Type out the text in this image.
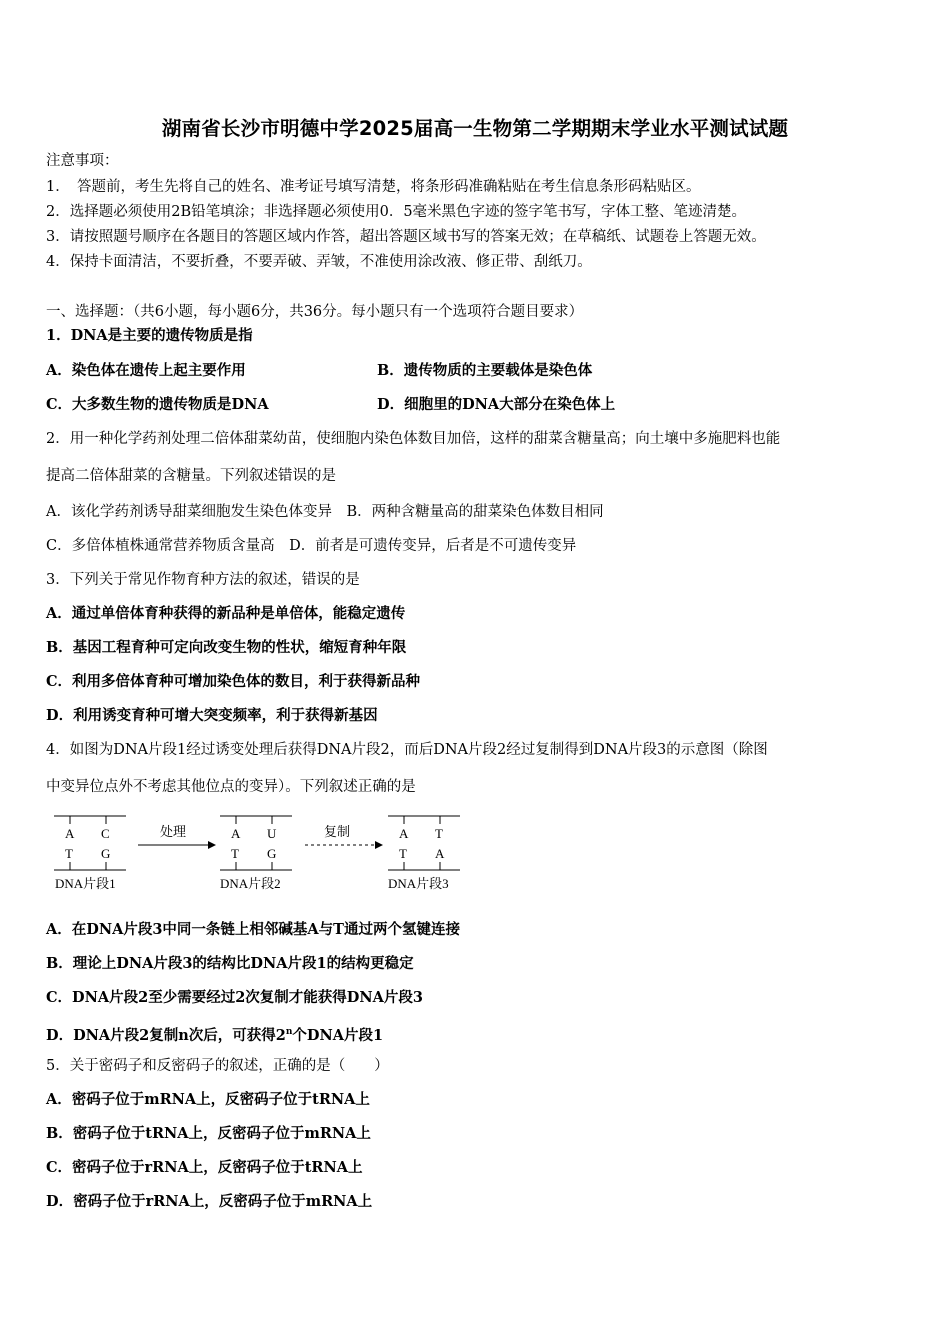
湖南省长沙市明德中学2025届高一生物第二学期期末学业水平测试试题
注意事项：
1．　答题前，考生先将自己的姓名、准考证号填写清楚，将条形码准确粘贴在考生信息条形码粘贴区。
2．选择题必须使用2B铅笔填涂；非选择题必须使用0．5毫米黑色字迹的签字笔书写，字体工整、笔迹清楚。
3．请按照题号顺序在各题目的答题区域内作答，超出答题区域书写的答案无效；在草稿纸、试题卷上答题无效。
4．保持卡面清洁，不要折叠，不要弄破、弄皱，不准使用涂改液、修正带、刮纸刀。
一、选择题：（共6小题，每小题6分，共36分。每小题只有一个选项符合题目要求）
1．DNA是主要的遗传物质是指
A．染色体在遗传上起主要作用	B．遗传物质的主要载体是染色体
C．大多数生物的遗传物质是DNA	D．细胞里的DNA大部分在染色体上
2．用一种化学药剂处理二倍体甜菜幼苗，使细胞内染色体数目加倍，这样的甜菜含糖量高；向土壤中多施肥料也能
提高二倍体甜菜的含糖量。下列叙述错误的是
A．该化学药剂诱导甜菜细胞发生染色体变异　B．两种含糖量高的甜菜染色体数目相同
C．多倍体植株通常营养物质含量高　D．前者是可遗传变异，后者是不可遗传变异
3．下列关于常见作物育种方法的叙述，错误的是
A．通过单倍体育种获得的新品种是单倍体，能稳定遗传
B．基因工程育种可定向改变生物的性状，缩短育种年限
C．利用多倍体育种可增加染色体的数目，利于获得新品种
D．利用诱变育种可增大突变频率，利于获得新基因
4．如图为DNA片段1经过诱变处理后获得DNA片段2，而后DNA片段2经过复制得到DNA片段3的示意图（除图
中变异位点外不考虑其他位点的变异）。下列叙述正确的是
A C
T G
DNA片段1
处理	A U
T G
DNA片段2
复制	A T
T A
DNA片段3
A．在DNA片段3中同一条链上相邻碱基A与T通过两个氢键连接
B．理论上DNA片段3的结构比DNA片段1的结构更稳定
C．DNA片段2至少需要经过2次复制才能获得DNA片段3
D．DNA片段2复制n次后，可获得2$^n$个DNA片段1
5．关于密码子和反密码子的叙述，正确的是（　　）
A．密码子位于mRNA上，反密码子位于tRNA上
B．密码子位于tRNA上，反密码子位于mRNA上
C．密码子位于rRNA上，反密码子位于tRNA上
D．密码子位于rRNA上，反密码子位于mRNA上
